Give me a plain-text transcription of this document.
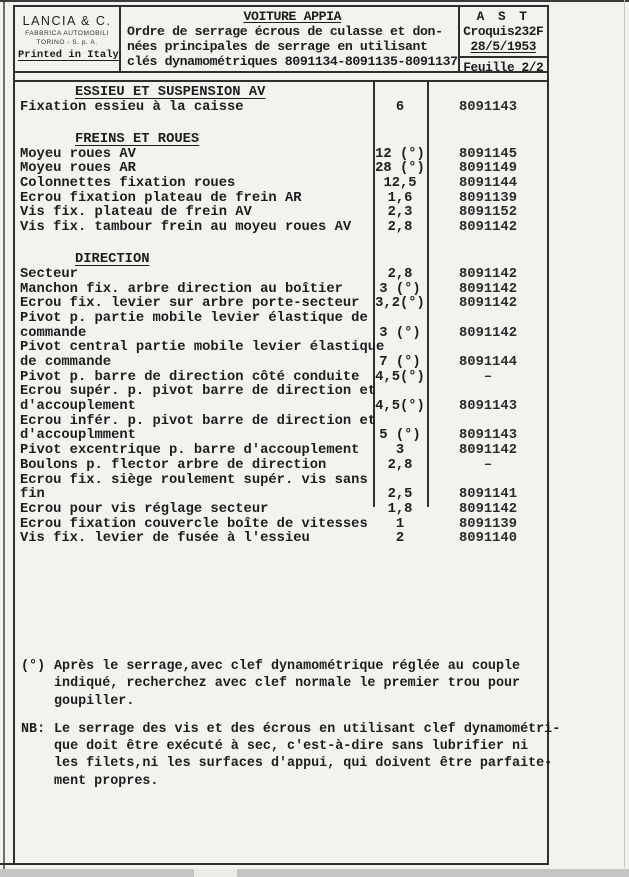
LANCIA & C.
FABBRICA AUTOMOBILI
TORINO - S. p. A.
Printed in Italy
VOITURE APPIA
Ordre de serrage écrous de culasse et don-
nées principales de serrage en utilisant
clés dynamométriques 8091134-8091135-8091137
A S T
Croquis232F
28/5/1953
Feuille 2/2
ESSIEU ET SUSPENSION AV
Fixation essieu à la caisse	6	8091143
FREINS ET ROUES
Moyeu roues AV	12 (°)	8091145
Moyeu roues AR	28 (°)	8091149
Colonnettes fixation roues	12,5	8091144
Ecrou fixation plateau de frein AR	1,6	8091139
Vis fix. plateau de frein AV	2,3	8091152
Vis fix. tambour frein au moyeu roues AV	2,8	8091142
DIRECTION
Secteur	2,8	8091142
Manchon fix. arbre direction au boîtier	3 (°)	8091142
Ecrou fix. levier sur arbre porte-secteur	3,2(°)	8091142
Pivot p. partie mobile levier élastique de
commande	3 (°)	8091142
Pivot central partie mobile levier élastique
de commande	7 (°)	8091144
Pivot p. barre de direction côté conduite	4,5(°)	–
Ecrou supér. p. pivot barre de direction et
d'accouplement	4,5(°)	8091143
Ecrou infér. p. pivot barre de direction et
d'accouplmment	5 (°)	8091143
Pivot excentrique p. barre d'accouplement	3	8091142
Boulons p. flector arbre de direction	2,8	–
Ecrou fix. siège roulement supér. vis sans
fin	2,5	8091141
Ecrou pour vis réglage secteur	1,8	8091142
Ecrou fixation couvercle boîte de vitesses	1	8091139
Vis fix. levier de fusée à l'essieu	2	8091140
(°) Après le serrage,avec clef dynamométrique réglée au couple
indiqué, recherchez avec clef normale le premier trou pour
goupiller.
NB: Le serrage des vis et des écrous en utilisant clef dynamométri-
que doit être exécuté à sec, c'est-à-dire sans lubrifier ni
les filets,ni les surfaces d'appui, qui doivent être parfaite-
ment propres.
